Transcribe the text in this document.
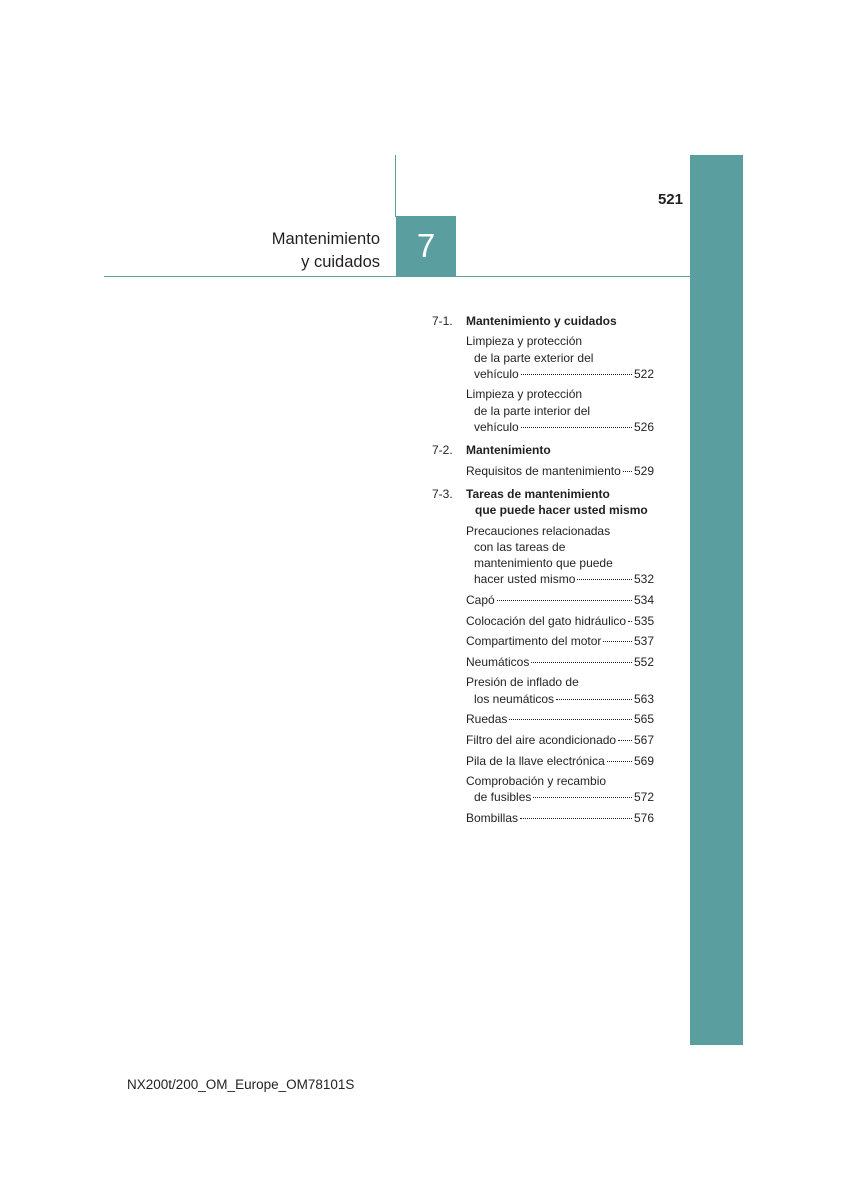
521
7
Mantenimiento
y cuidados
7-1. Mantenimiento y cuidados
Limpieza y protección
de la parte exterior del
vehículo	522
Limpieza y protección
de la parte interior del
vehículo	526
7-2. Mantenimiento
Requisitos de mantenimiento 529
7-3. Tareas de mantenimiento
que puede hacer usted mismo
Precauciones relacionadas
con las tareas de
mantenimiento que puede
hacer usted mismo	532
Capó	534
Colocación del gato hidráulico 535
Compartimento del motor	537
Neumáticos	552
Presión de inflado de
los neumáticos	563
Ruedas	565
Filtro del aire acondicionado 567
Pila de la llave electrónica 569
Comprobación y recambio
de fusibles	572
Bombillas	576
NX200t/200_OM_Europe_OM78101S
